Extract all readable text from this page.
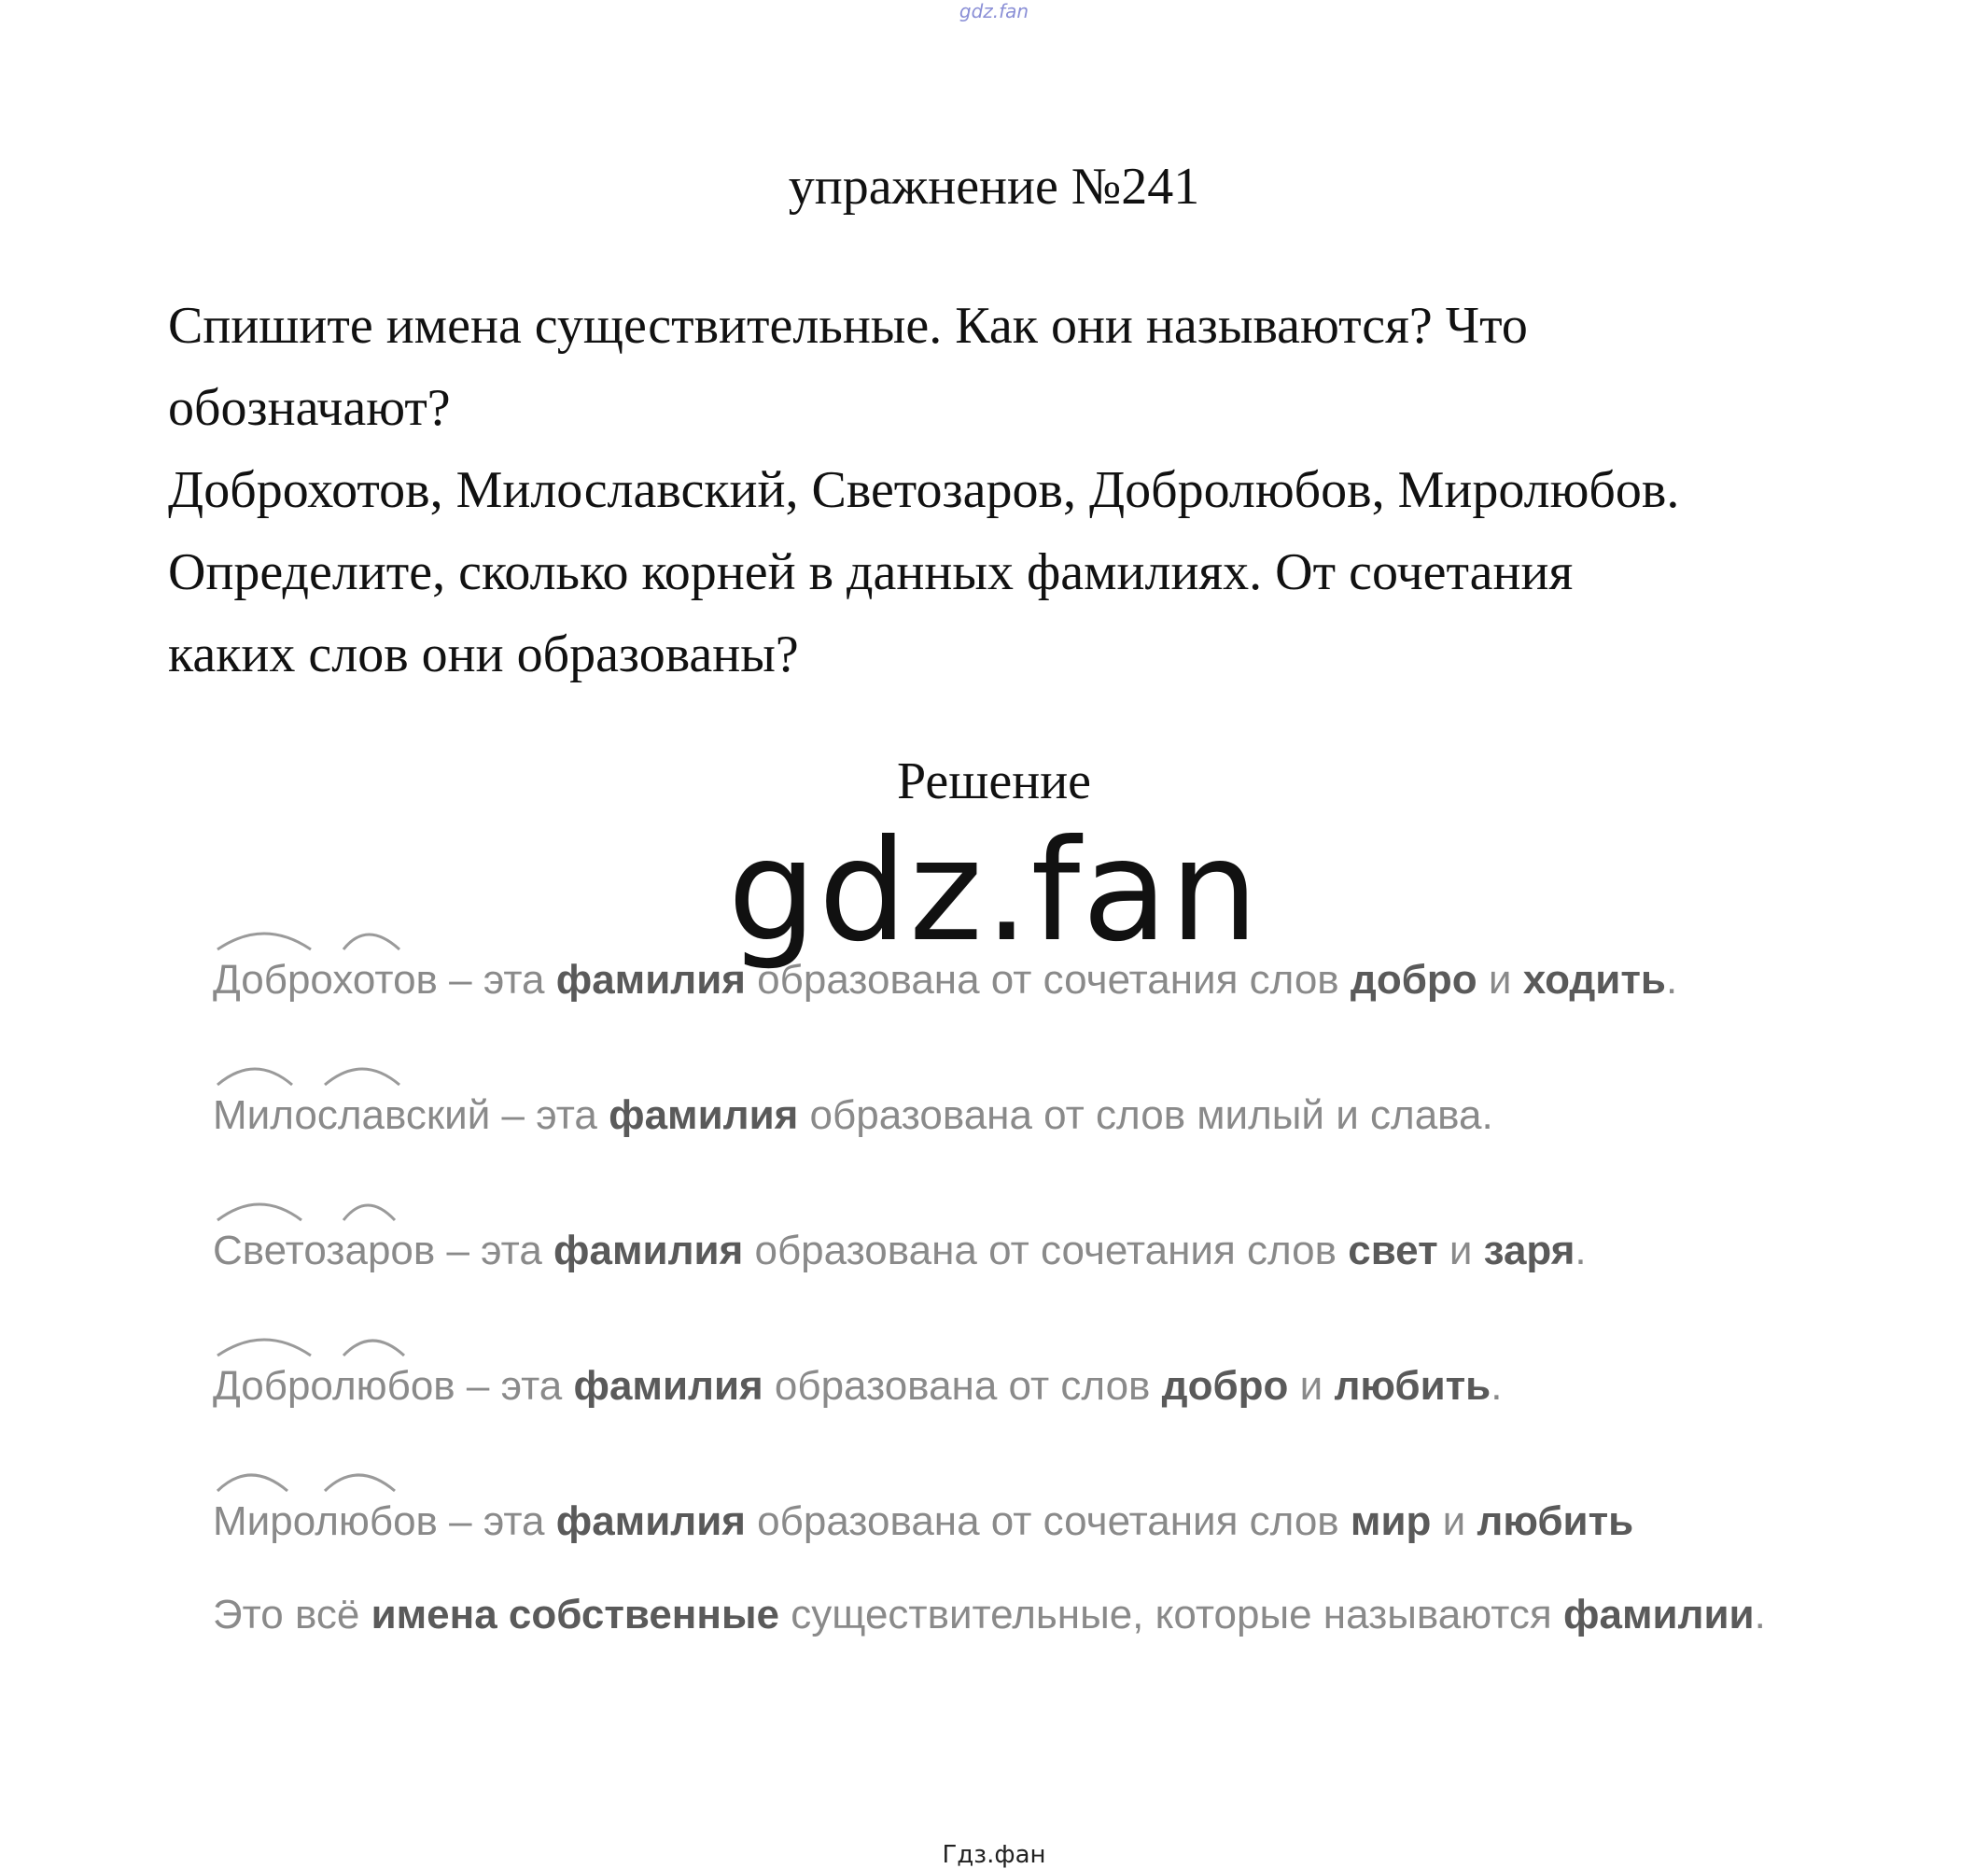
gdz.fan
упражнение №241
Спишите имена существительные. Как они называются? Что
обозначают?
Доброхотов, Милославский, Светозаров, Добролюбов, Миролюбов.
Определите, сколько корней в данных фамилиях. От сочетания
каких слов они образованы?
Решение
gdz.fan
Доброхотов – эта фамилия образована от сочетания слов добро и ходить.
Милославский – эта фамилия образована от слов милый и слава.
Светозаров – эта фамилия образована от сочетания слов свет и заря.
Добролюбов – эта фамилия образована от слов добро и любить.
Миролюбов – эта фамилия образована от сочетания слов мир и любить
Это всё имена собственные существительные, которые называются фамилии.
Гдз.фан
